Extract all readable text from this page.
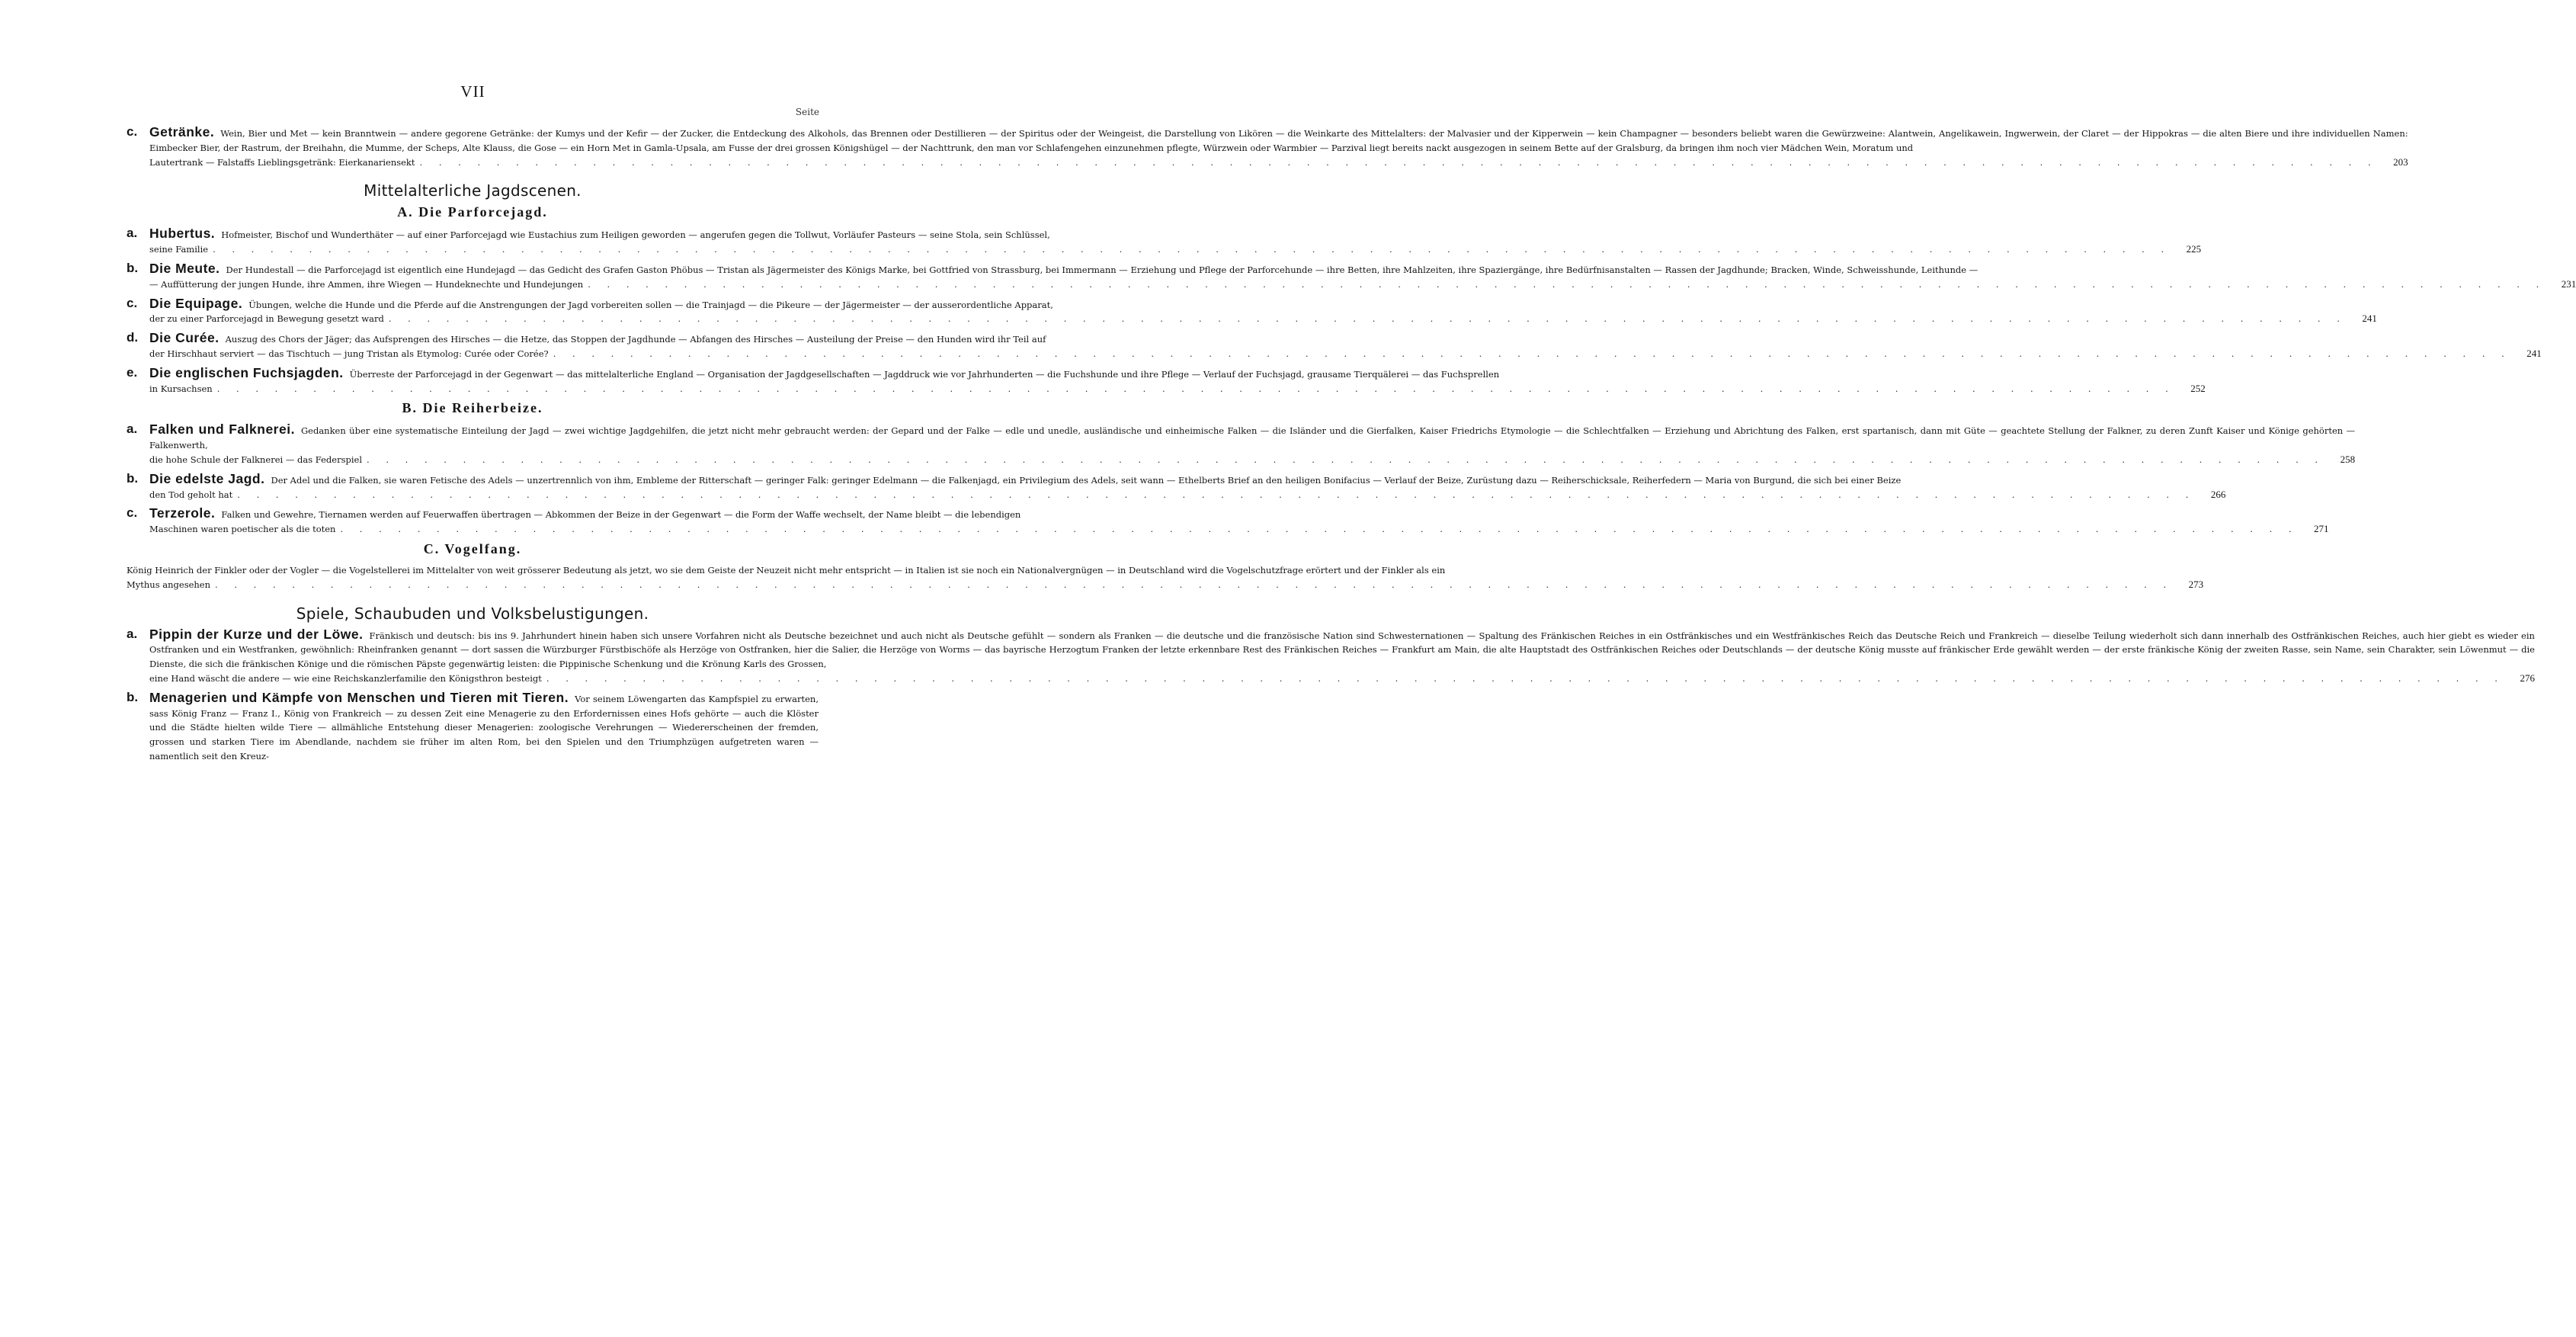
VII
Seite
c. Getränke. Wein, Bier und Met — kein Branntwein — andere gegorene Getränke: der Kumys und der Kefir — der Zucker, die Entdeckung des Alkohols, das Brennen oder Destillieren — der Spiritus oder der Weingeist, die Darstellung von Likören — die Weinkarte des Mittelalters: der Malvasier und der Kipperwein — kein Champagner — besonders beliebt waren die Gewürzweine: Alantwein, Angelikawein, Ingwerwein, der Claret — der Hippokras — die alten Biere und ihre individuellen Namen: Eimbecker Bier, der Rastrum, der Breihahn, die Mumme, der Scheps, Alte Klauss, die Gose — ein Horn Met in Gamla-Upsala, am Fusse der drei grossen Königshügel — der Nachttrunk, den man vor Schlafengehen einzunehmen pflegte, Würzwein oder Warmbier — Parzival liegt bereits nackt ausgezogen in seinem Bette auf der Gralsburg, da bringen ihm noch vier Mädchen Wein, Moratum und
Lautertrank — Falstaffs Lieblingsgetränk: Eierkanariensekt . . .	203
Mittelalterliche Jagdscenen.
A. Die Parforcejagd.
a. Hubertus. Hofmeister, Bischof und Wunderthäter — auf einer Parforcejagd wie Eustachius zum Heiligen geworden — angerufen gegen die Tollwut, Vorläufer Pasteurs — seine Stola, sein Schlüssel,
seine Familie . . .	225
b. Die Meute. Der Hundestall — die Parforcejagd ist eigentlich eine Hundejagd — das Gedicht des Grafen Gaston Phöbus — Tristan als Jägermeister des Königs Marke, bei Gottfried von Strassburg, bei Immermann — Erziehung und Pflege der Parforcehunde — ihre Betten, ihre Mahlzeiten, ihre Spaziergänge, ihre Bedürfnisanstalten — Rassen der Jagdhunde; Bracken, Winde, Schweisshunde, Leithunde —
— Auffütterung der jungen Hunde, ihre Ammen, ihre Wiegen — Hundeknechte und Hundejungen . . .	231
c. Die Equipage. Übungen, welche die Hunde und die Pferde auf die Anstrengungen der Jagd vorbereiten sollen — die Trainjagd — die Pikeure — der Jägermeister — der ausserordentliche Apparat,
der zu einer Parforcejagd in Bewegung gesetzt ward . . .	241
d. Die Curée. Auszug des Chors der Jäger; das Aufsprengen des Hirsches — die Hetze, das Stoppen der Jagdhunde — Abfangen des Hirsches — Austeilung der Preise — den Hunden wird ihr Teil auf
der Hirschhaut serviert — das Tischtuch — jung Tristan als Etymolog: Curée oder Corée? . . .	241
e. Die englischen Fuchsjagden. Überreste der Parforcejagd in der Gegenwart — das mittelalterliche England — Organisation der Jagdgesellschaften — Jagddruck wie vor Jahrhunderten — die Fuchshunde und ihre Pflege — Verlauf der Fuchsjagd, grausame Tierquälerei — das Fuchsprellen
in Kursachsen . . .	252
B. Die Reiherbeize.
a. Falken und Falknerei. Gedanken über eine systematische Einteilung der Jagd — zwei wichtige Jagdgehilfen, die jetzt nicht mehr gebraucht werden: der Gepard und der Falke — edle und unedle, ausländische und einheimische Falken — die Isländer und die Gierfalken, Kaiser Friedrichs Etymologie — die Schlechtfalken — Erziehung und Abrichtung des Falken, erst spartanisch, dann mit Güte — geachtete Stellung der Falkner, zu deren Zunft Kaiser und Könige gehörten — Falkenwerth,
die hohe Schule der Falknerei — das Federspiel . . .	258
b. Die edelste Jagd. Der Adel und die Falken, sie waren Fetische des Adels — unzertrennlich von ihm, Embleme der Ritterschaft — geringer Falk: geringer Edelmann — die Falkenjagd, ein Privilegium des Adels, seit wann — Ethelberts Brief an den heiligen Bonifacius — Verlauf der Beize, Zurüstung dazu — Reiherschicksale, Reiherfedern — Maria von Burgund, die sich bei einer Beize
den Tod geholt hat . . .	266
c. Terzerole. Falken und Gewehre, Tiernamen werden auf Feuerwaffen übertragen — Abkommen der Beize in der Gegenwart — die Form der Waffe wechselt, der Name bleibt — die lebendigen
Maschinen waren poetischer als die toten . . .	271
C. Vogelfang.
König Heinrich der Finkler oder der Vogler — die Vogelstellerei im Mittelalter von weit grösserer Bedeutung als jetzt, wo sie dem Geiste der Neuzeit nicht mehr entspricht — in Italien ist sie noch ein Nationalvergnügen — in Deutschland wird die Vogelschutzfrage erörtert und der Finkler als ein
Mythus angesehen . . .	273
Spiele, Schaubuden und Volksbelustigungen.
a. Pippin der Kurze und der Löwe. Fränkisch und deutsch: bis ins 9. Jahrhundert hinein haben sich unsere Vorfahren nicht als Deutsche bezeichnet und auch nicht als Deutsche gefühlt — sondern als Franken — die deutsche und die französische Nation sind Schwesternationen — Spaltung des Fränkischen Reiches in ein Ostfränkisches und ein Westfränkisches Reich das Deutsche Reich und Frankreich — dieselbe Teilung wiederholt sich dann innerhalb des Ostfränkischen Reiches, auch hier giebt es wieder ein Ostfranken und ein Westfranken, gewöhnlich: Rheinfranken genannt — dort sassen die Würzburger Fürstbischöfe als Herzöge von Ostfranken, hier die Salier, die Herzöge von Worms — das bayrische Herzogtum Franken der letzte erkennbare Rest des Fränkischen Reiches — Frankfurt am Main, die alte Hauptstadt des Ostfränkischen Reiches oder Deutschlands — der deutsche König musste auf fränkischer Erde gewählt werden — der erste fränkische König der zweiten Rasse, sein Name, sein Charakter, sein Löwenmut — die Dienste, die sich die fränkischen Könige und die römischen Päpste gegenwärtig leisten: die Pippinische Schenkung und die Krönung Karls des Grossen,
eine Hand wäscht die andere — wie eine Reichskanzlerfamilie den Königsthron besteigt . . .	276
b. Menagerien und Kämpfe von Menschen und Tieren mit Tieren. Vor seinem Löwengarten das Kampfspiel zu erwarten, sass König Franz — Franz I., König von Frankreich — zu dessen Zeit eine Menagerie zu den Erfordernissen eines Hofs gehörte — auch die Klöster und die Städte hielten wilde Tiere — allmähliche Entstehung dieser Menagerien: zoologische Verehrungen — Wiedererscheinen der fremden, grossen und starken Tiere im Abendlande, nachdem sie früher im alten Rom, bei den Spielen und den Triumphzügen aufgetreten waren — namentlich seit den Kreuz-
